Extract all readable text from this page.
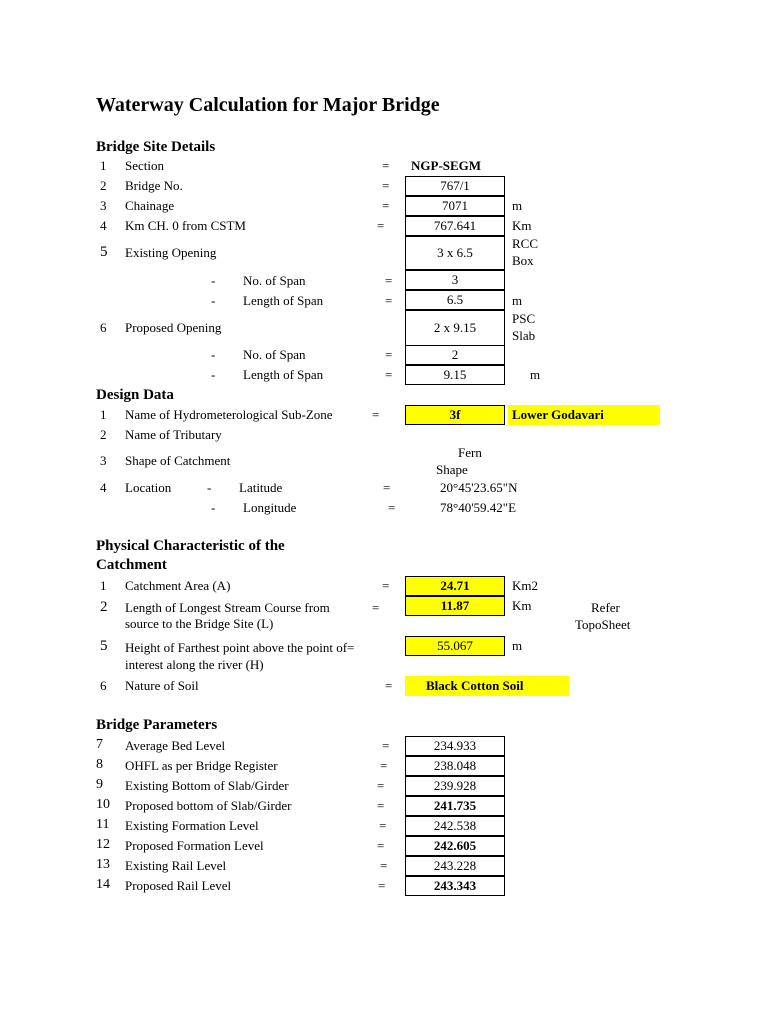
Waterway Calculation for Major Bridge
Bridge Site Details
1 Section	= NGP-SEGM
2 Bridge No.	=	767/1
3 Chainage	=	7071	m
4 Km CH. 0 from CSTM	=	767.641	Km
5 Existing Opening	3 x 6.5
RCC
Box
- No. of Span	=	3
- Length of Span	=	6.5	m
6 Proposed Opening	2 x 9.15
PSC
Slab
- No. of Span	=	2
- Length of Span	=	9.15	m
Design Data
1 Name of Hydrometerological Sub-Zone	=	3f	Lower Godavari
2 Name of Tributary
3 Shape of Catchment
Fern
Shape
4 Location	- Latitude	=	20°45'23.65"N
- Longitude	=	78°40'59.42"E
Physical Characteristic of the
Catchment
1 Catchment Area (A)	=	24.71	Km2
2 Length of Longest Stream Course from
source to the Bridge Site (L)
=	11.87	Km	Refer
TopoSheet
5 Height of Farthest point above the point of=
interest along the river (H)
55.067	m
6 Nature of Soil	=	Black Cotton Soil
Bridge Parameters
7 Average Bed Level	=	234.933
8 OHFL as per Bridge Register	=	238.048
9 Existing Bottom of Slab/Girder	=	239.928
10 Proposed bottom of Slab/Girder	=	241.735
11 Existing Formation Level	=	242.538
12 Proposed Formation Level	=	242.605
13 Existing Rail Level	=	243.228
14 Proposed Rail Level	=	243.343
